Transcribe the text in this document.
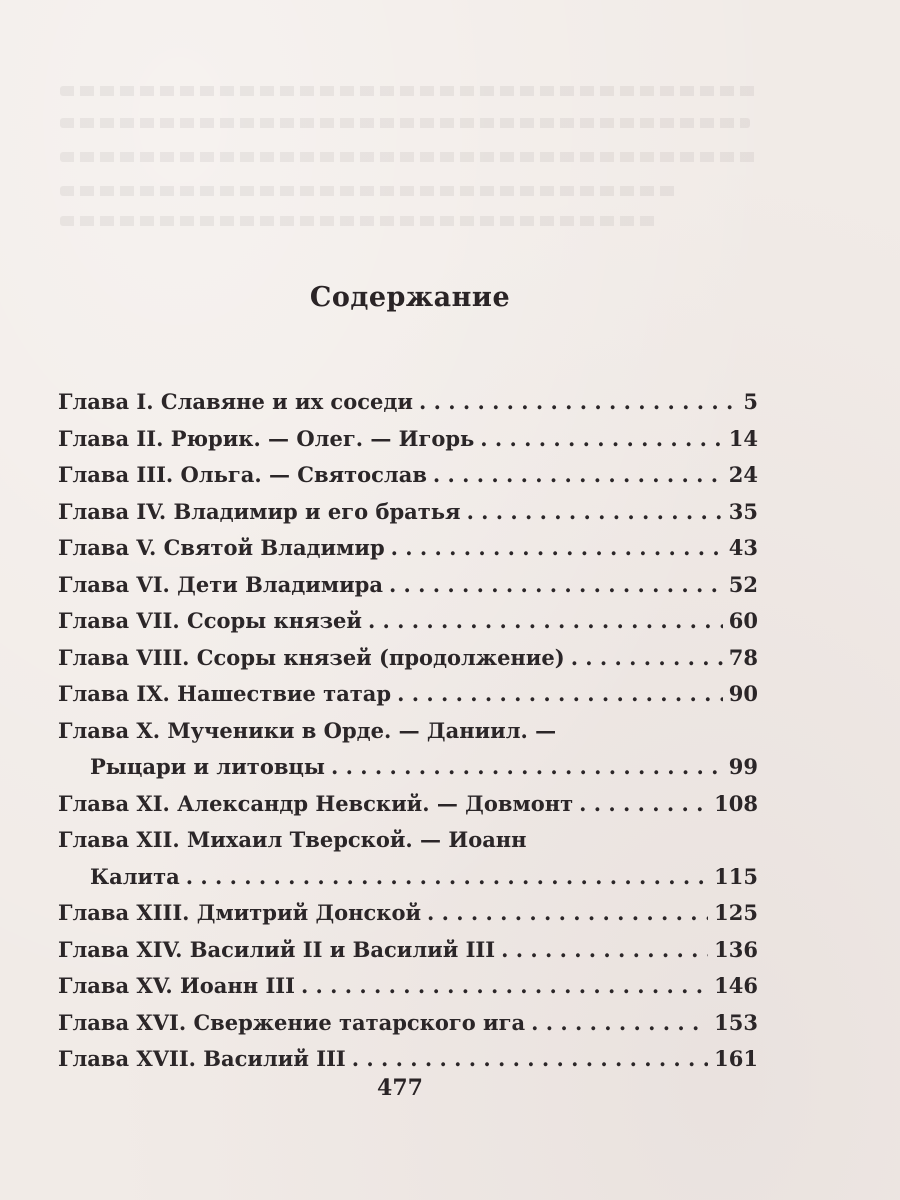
Содержание
Глава I. Славяне и их соседи . . .	5
Глава II. Рюрик. — Олег. — Игорь . . .	14
Глава III. Ольга. — Святослав . . .	24
Глава IV. Владимир и его братья . . .	35
Глава V. Святой Владимир . . .	43
Глава VI. Дети Владимира . . .	52
Глава VII. Ссоры князей . . .	60
Глава VIII. Ссоры князей (продолжение) . . .	78
Глава IX. Нашествие татар . . .	90
Глава X. Мученики в Орде. — Даниил. —
Рыцари и литовцы . . .	99
Глава XI. Александр Невский. — Довмонт . . .	108
Глава XII. Михаил Тверской. — Иоанн
Калита . . .	115
Глава XIII. Дмитрий Донской . . .	125
Глава XIV. Василий II и Василий III . . .	136
Глава XV. Иоанн III . . .	146
Глава XVI. Свержение татарского ига . . .	153
Глава XVII. Василий III . . .	161
477
